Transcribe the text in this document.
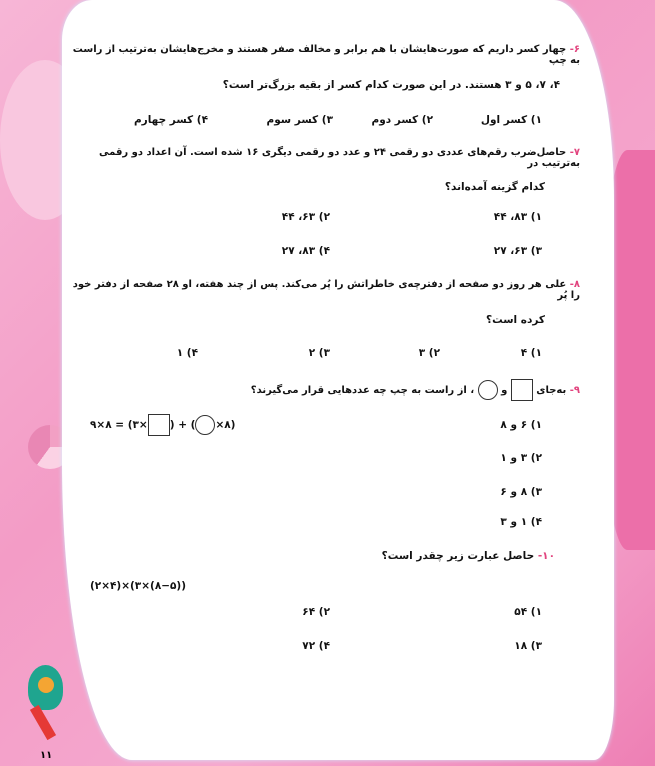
۶- چهار کسر داریم که صورت‌هایشان با هم برابر و مخالف صفر هستند و مخرج‌هایشان به‌ترتیب از راست به چپ
۴، ۷، ۵ و ۳ هستند. در این صورت کدام کسر از بقیه بزرگ‌تر است؟
۱) کسر اول
۲) کسر دوم
۳) کسر سوم
۴) کسر چهارم
۷- حاصل‌ضرب رقم‌های عددی دو رقمی ۲۴ و عدد دو رقمی دیگری ۱۶ شده است. آن اعداد دو رقمی به‌ترتیب در
کدام گزینه آمده‌اند؟
۱) ۸۳، ۴۴
۲) ۶۳، ۴۴
۳) ۶۳، ۲۷
۴) ۸۳، ۲۷
۸- علی هر روز دو صفحه از دفترچه‌ی خاطراتش را پُر می‌کند. پس از چند هفته، او ۲۸ صفحه از دفتر خود را پُر
کرده است؟
۱) ۴
۲) ۳
۳) ۲
۴) ۱
۹- به‌جای  و  ، از راست به چپ چه عددهایی قرار می‌گیرند؟
۹×۸ = (۳× ) + ( ×۸)	۱) ۶ و ۸
۲) ۳ و ۱
۳) ۸ و ۶
۴) ۱ و ۳
۱۰- حاصل عبارت زیر چقدر است؟
(۲×۴)×(۳×(۸−۵))
۱) ۵۴
۲) ۶۴
۳) ۱۸
۴) ۷۲
۱۱
